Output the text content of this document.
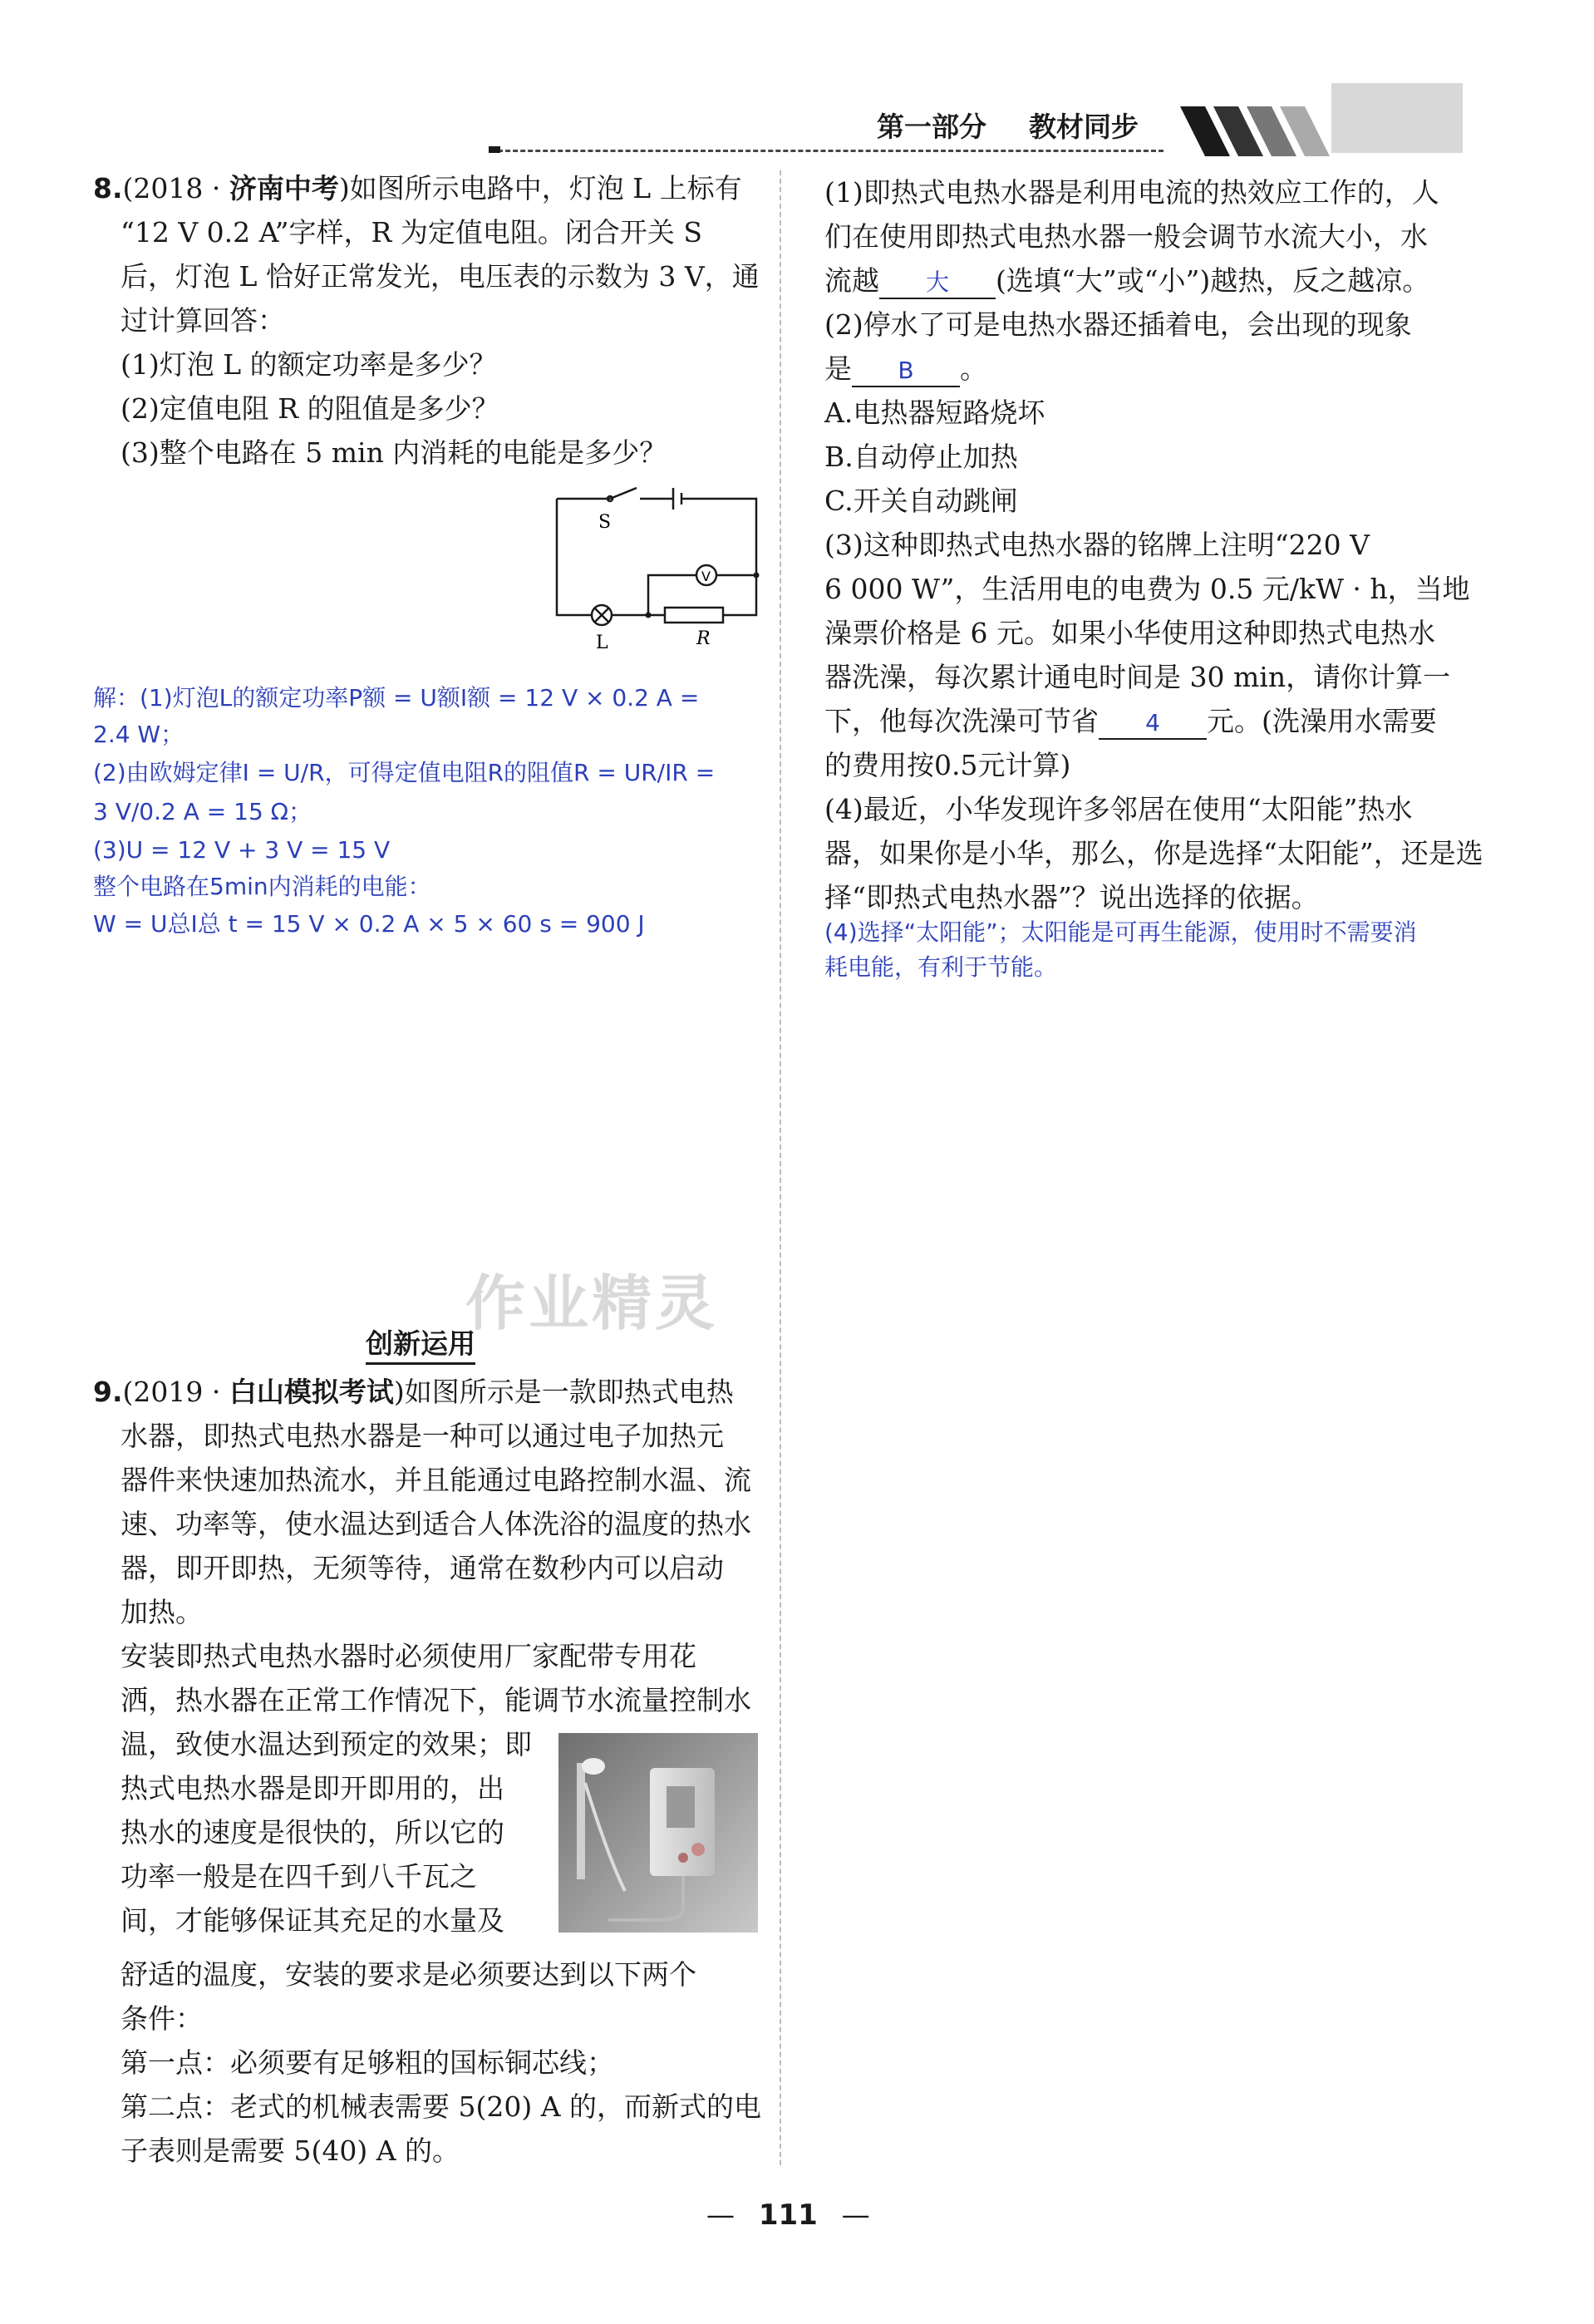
第一部分 教材同步
8.(2018 · 济南中考)如图所示电路中，灯泡 L 上标有
“12 V 0.2 A”字样，R 为定值电阻。闭合开关 S
后，灯泡 L 恰好正常发光，电压表的示数为 3 V，通
过计算回答：
(1)灯泡 L 的额定功率是多少？
(2)定值电阻 R 的阻值是多少？
(3)整个电路在 5 min 内消耗的电能是多少？
S
L	R
V
解：(1)灯泡L的额定功率P额 = U额I额 = 12 V × 0.2 A =
2.4 W；
(2)由欧姆定律I = U/R，可得定值电阻R的阻值R = UR/IR =
3 V/0.2 A = 15 Ω；
(3)U = 12 V + 3 V = 15 V
整个电路在5min内消耗的电能：
W = U总I总 t = 15 V × 0.2 A × 5 × 60 s = 900 J
作业精灵
创新运用
9.(2019 · 白山模拟考试)如图所示是一款即热式电热
水器，即热式电热水器是一种可以通过电子加热元
器件来快速加热流水，并且能通过电路控制水温、流
速、功率等，使水温达到适合人体洗浴的温度的热水
器，即开即热，无须等待，通常在数秒内可以启动
加热。
安装即热式电热水器时必须使用厂家配带专用花
洒，热水器在正常工作情况下，能调节水流量控制水
温，致使水温达到预定的效果；即
热式电热水器是即开即用的，出
热水的速度是很快的，所以它的
功率一般是在四千到八千瓦之
间，才能够保证其充足的水量及
舒适的温度，安装的要求是必须要达到以下两个
条件：
第一点：必须要有足够粗的国标铜芯线；
第二点：老式的机械表需要 5(20) A 的，而新式的电
子表则是需要 5(40) A 的。
(1)即热式电热水器是利用电流的热效应工作的，人
们在使用即热式电热水器一般会调节水流大小，水
流越 大 (选填“大”或“小”)越热，反之越凉。
(2)停水了可是电热水器还插着电，会出现的现象
是 B 。
A.电热器短路烧坏
B.自动停止加热
C.开关自动跳闸
(3)这种即热式电热水器的铭牌上注明“220 V
6 000 W”，生活用电的电费为 0.5 元/kW · h，当地
澡票价格是 6 元。如果小华使用这种即热式电热水
器洗澡，每次累计通电时间是 30 min，请你计算一
下，他每次洗澡可节省 4 元。(洗澡用水需要
的费用按0.5元计算)
(4)最近，小华发现许多邻居在使用“太阳能”热水
器，如果你是小华，那么，你是选择“太阳能”，还是选
择“即热式电热水器”？说出选择的依据。
(4)选择“太阳能”；太阳能是可再生能源，使用时不需要消
耗电能，有利于节能。
— 111 —
